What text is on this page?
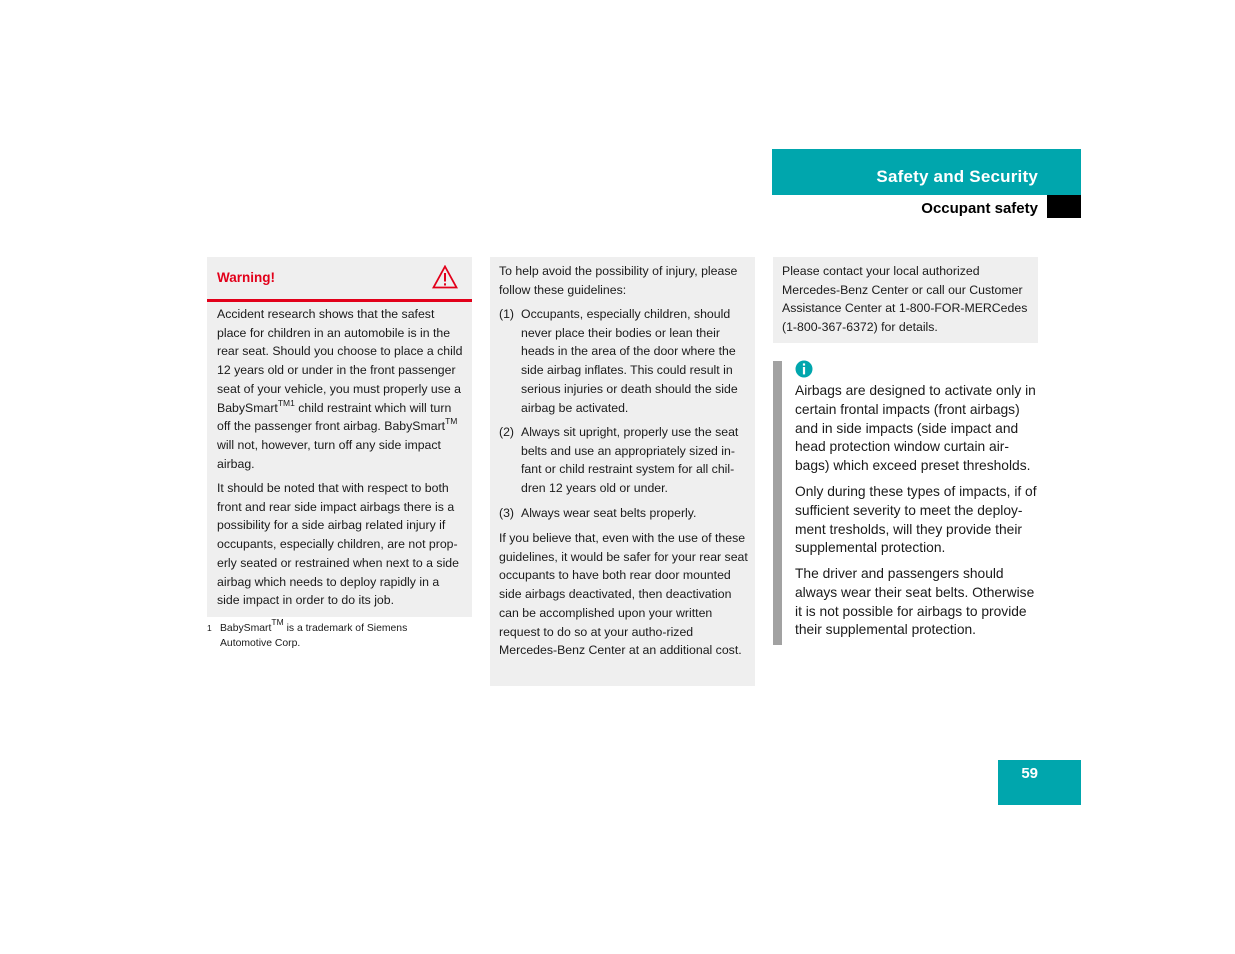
Safety and Security
Occupant safety
Warning!
Accident research shows that the safest place for children in an automobile is in the rear seat. Should you choose to place a child 12 years old or under in the front passenger seat of your vehicle, you must properly use a BabySmart$^{TM1}$ child restraint which will turn off the passenger front airbag. BabySmart™ will not, however, turn off any side impact airbag.
It should be noted that with respect to both front and rear side impact airbags there is a possibility for a side airbag related injury if occupants, especially children, are not prop-erly seated or restrained when next to a side airbag which needs to deploy rapidly in a side impact in order to do its job.
1 BabySmart™ is a trademark of Siemens Automotive Corp.
To help avoid the possibility of injury, please follow these guidelines:
(1) Occupants, especially children, should never place their bodies or lean their heads in the area of the door where the side airbag inflates. This could result in serious injuries or death should the side airbag be activated.
(2) Always sit upright, properly use the seat belts and use an appropriately sized in-fant or child restraint system for all chil-dren 12 years old or under.
(3) Always wear seat belts properly.
If you believe that, even with the use of these guidelines, it would be safer for your rear seat occupants to have both rear door mounted side airbags deactivated, then deactivation can be accomplished upon your written request to do so at your autho-rized Mercedes-Benz Center at an additional cost.
Please contact your local authorized Mercedes-Benz Center or call our Customer Assistance Center at 1-800-FOR-MERCedes (1-800-367-6372) for details.
Airbags are designed to activate only in certain frontal impacts (front airbags) and in side impacts (side impact and head protection window curtain air-bags) which exceed preset thresholds.
Only during these types of impacts, if of sufficient severity to meet the deploy-ment tresholds, will they provide their supplemental protection.
The driver and passengers should always wear their seat belts. Otherwise it is not possible for airbags to provide their supplemental protection.
59
